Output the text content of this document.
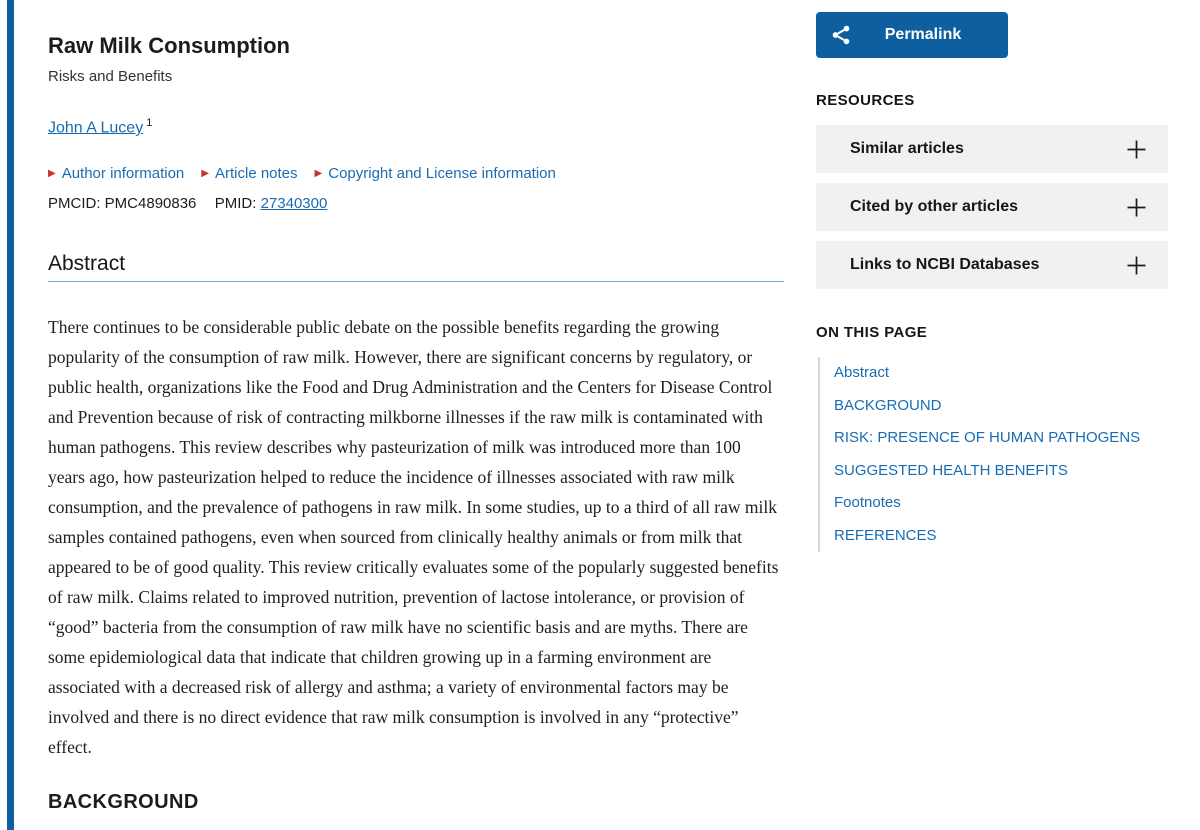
Raw Milk Consumption
Risks and Benefits
John A Lucey $^1$
▶ Author information ▶ Article notes ▶ Copyright and License information
PMCID: PMC4890836 PMID: 27340300
Abstract

There continues to be considerable public debate on the possible benefits regarding the growing popularity of the consumption of raw milk. However, there are significant concerns by regulatory, or public health, organizations like the Food and Drug Administration and the Centers for Disease Control and Prevention because of risk of contracting milkborne illnesses if the raw milk is contaminated with human pathogens. This review describes why pasteurization of milk was introduced more than 100  years ago, how pasteurization helped to reduce the incidence of illnesses associated with raw milk consumption, and the prevalence of pathogens in raw milk. In some studies, up to a third of all raw milk samples contained pathogens, even when sourced from clinically healthy animals or from milk that appeared to be of good quality. This review critically evaluates some of the popularly suggested benefits of raw milk. Claims related to improved nutrition, prevention of lactose intolerance, or provision of “good” bacteria from the consumption of raw milk have no scientific basis and are myths. There are some epidemiological data that indicate that children growing up in a farming environment are associated with a decreased risk of allergy and asthma; a variety of environmental factors may be involved and there is no direct evidence that raw milk consumption is involved in any “protective” effect.

BACKGROUND
Permalink
RESOURCES
Similar articles
Cited by other articles
Links to NCBI Databases
ON THIS PAGE
Abstract
BACKGROUND
RISK: PRESENCE OF HUMAN PATHOGENS
SUGGESTED HEALTH BENEFITS
Footnotes
REFERENCES
